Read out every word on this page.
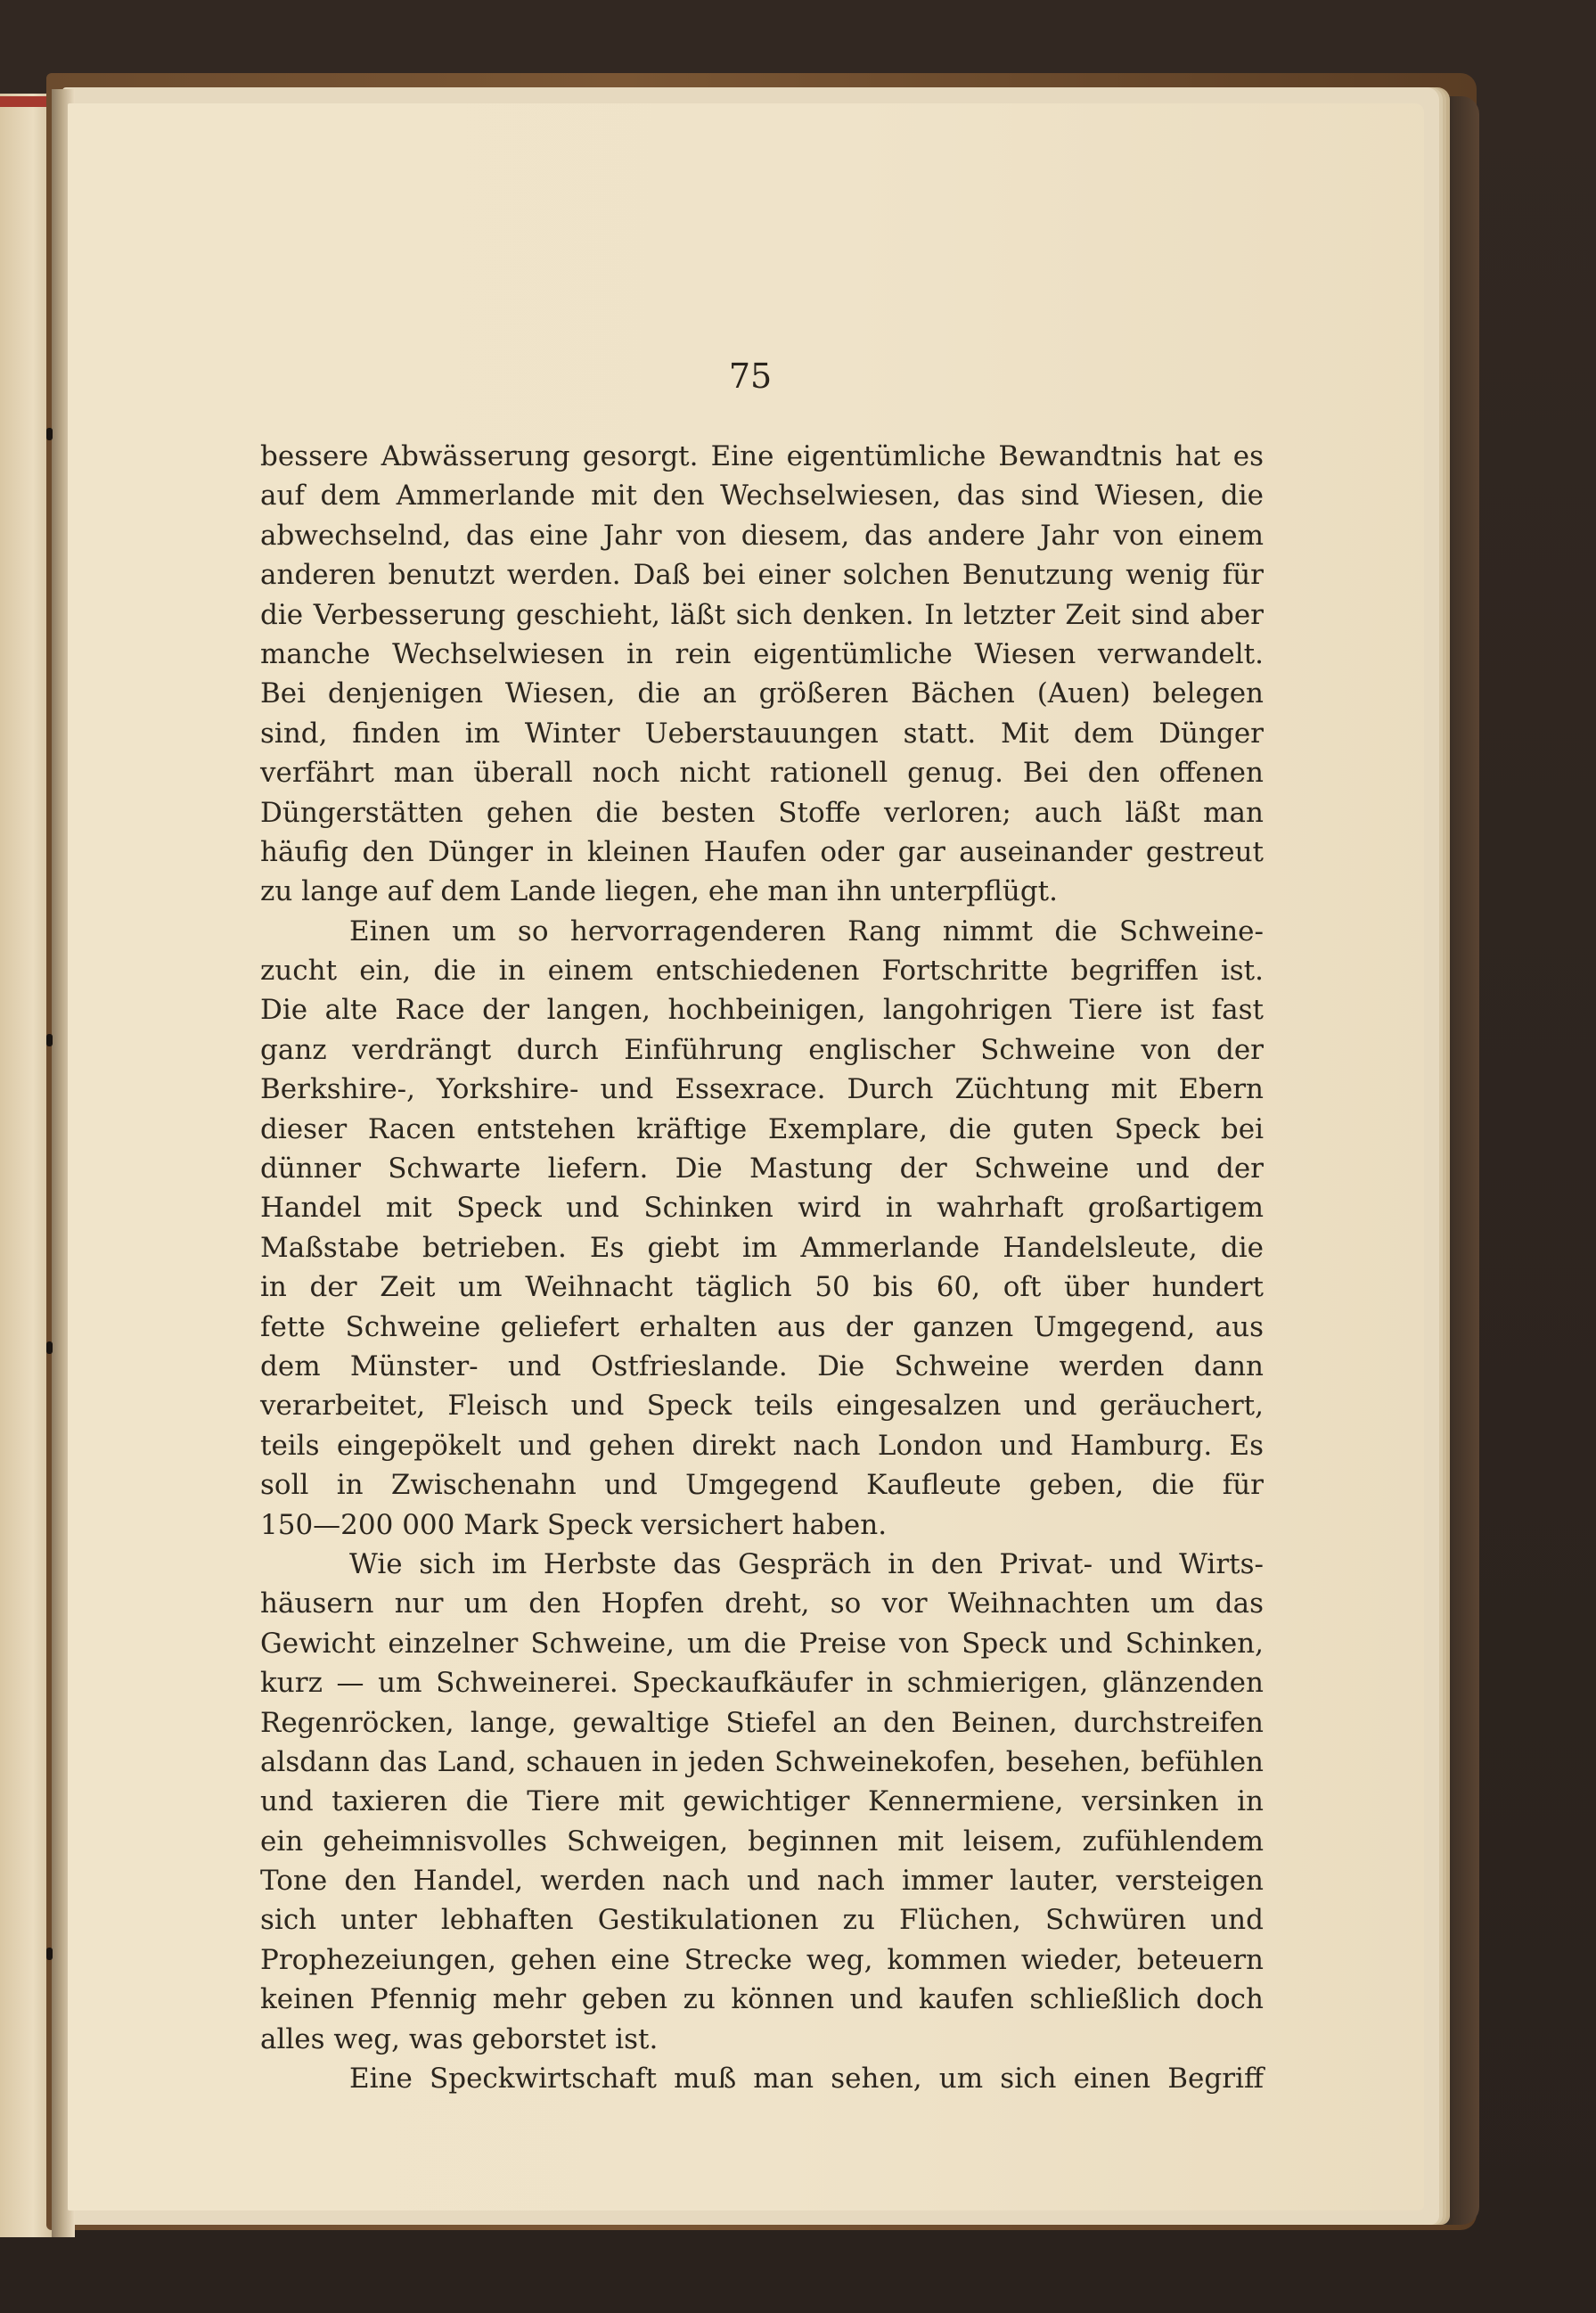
75
bessere Abwässerung gesorgt. Eine eigentümliche Bewandtnis hat es
auf dem Ammerlande mit den Wechselwiesen, das sind Wiesen, die
abwechselnd, das eine Jahr von diesem, das andere Jahr von einem
anderen benutzt werden. Daß bei einer solchen Benutzung wenig für
die Verbesserung geschieht, läßt sich denken. In letzter Zeit sind aber
manche Wechselwiesen in rein eigentümliche Wiesen verwandelt.
Bei denjenigen Wiesen, die an größeren Bächen (Auen) belegen
sind, finden im Winter Ueberstauungen statt. Mit dem Dünger
verfährt man überall noch nicht rationell genug. Bei den offenen
Düngerstätten gehen die besten Stoffe verloren; auch läßt man
häufig den Dünger in kleinen Haufen oder gar auseinander gestreut
zu lange auf dem Lande liegen, ehe man ihn unterpflügt.
Einen um so hervorragenderen Rang nimmt die Schweine-
zucht ein, die in einem entschiedenen Fortschritte begriffen ist.
Die alte Race der langen, hochbeinigen, langohrigen Tiere ist fast
ganz verdrängt durch Einführung englischer Schweine von der
Berkshire-, Yorkshire- und Essexrace. Durch Züchtung mit Ebern
dieser Racen entstehen kräftige Exemplare, die guten Speck bei
dünner Schwarte liefern. Die Mastung der Schweine und der
Handel mit Speck und Schinken wird in wahrhaft großartigem
Maßstabe betrieben. Es giebt im Ammerlande Handelsleute, die
in der Zeit um Weihnacht täglich 50 bis 60, oft über hundert
fette Schweine geliefert erhalten aus der ganzen Umgegend, aus
dem Münster- und Ostfrieslande. Die Schweine werden dann
verarbeitet, Fleisch und Speck teils eingesalzen und geräuchert,
teils eingepökelt und gehen direkt nach London und Hamburg. Es
soll in Zwischenahn und Umgegend Kaufleute geben, die für
150—200 000 Mark Speck versichert haben.
Wie sich im Herbste das Gespräch in den Privat- und Wirts-
häusern nur um den Hopfen dreht, so vor Weihnachten um das
Gewicht einzelner Schweine, um die Preise von Speck und Schinken,
kurz — um Schweinerei. Speckaufkäufer in schmierigen, glänzenden
Regenröcken, lange, gewaltige Stiefel an den Beinen, durchstreifen
alsdann das Land, schauen in jeden Schweinekofen, besehen, befühlen
und taxieren die Tiere mit gewichtiger Kennermiene, versinken in
ein geheimnisvolles Schweigen, beginnen mit leisem, zufühlendem
Tone den Handel, werden nach und nach immer lauter, versteigen
sich unter lebhaften Gestikulationen zu Flüchen, Schwüren und
Prophezeiungen, gehen eine Strecke weg, kommen wieder, beteuern
keinen Pfennig mehr geben zu können und kaufen schließlich doch
alles weg, was geborstet ist.
Eine Speckwirtschaft muß man sehen, um sich einen Begriff
